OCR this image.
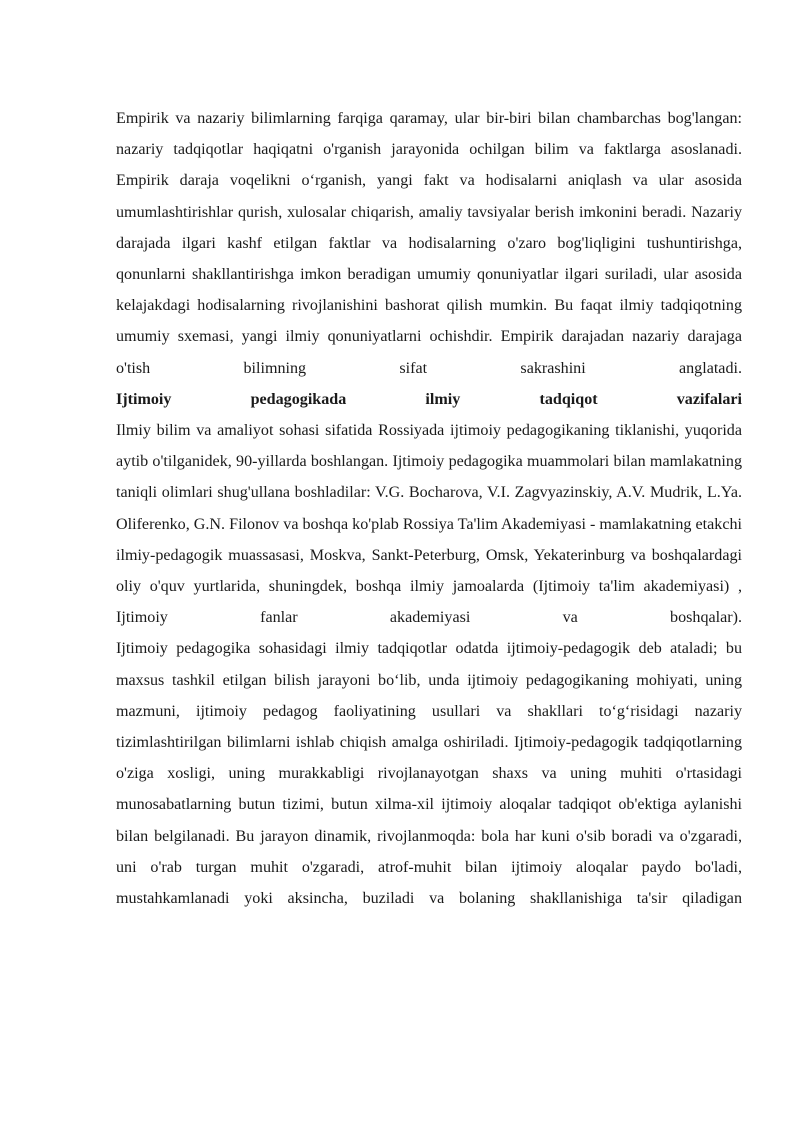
Empirik va nazariy bilimlarning farqiga qaramay, ular bir-biri bilan chambarchas bog'langan: nazariy tadqiqotlar haqiqatni o'rganish jarayonida ochilgan bilim va faktlarga asoslanadi. Empirik daraja voqelikni o‘rganish, yangi fakt va hodisalarni aniqlash va ular asosida umumlashtirishlar qurish, xulosalar chiqarish, amaliy tavsiyalar berish imkonini beradi. Nazariy darajada ilgari kashf etilgan faktlar va hodisalarning o'zaro bog'liqligini tushuntirishga, qonunlarni shakllantirishga imkon beradigan umumiy qonuniyatlar ilgari suriladi, ular asosida kelajakdagi hodisalarning rivojlanishini bashorat qilish mumkin. Bu faqat ilmiy tadqiqotning umumiy sxemasi, yangi ilmiy qonuniyatlarni ochishdir. Empirik darajadan nazariy darajaga o'tish bilimning sifat sakrashini anglatadi.

Ijtimoiy pedagogikada ilmiy tadqiqot vazifalari

Ilmiy bilim va amaliyot sohasi sifatida Rossiyada ijtimoiy pedagogikaning tiklanishi, yuqorida aytib o'tilganidek, 90-yillarda boshlangan. Ijtimoiy pedagogika muammolari bilan mamlakatning taniqli olimlari shug'ullana boshladilar: V.G. Bocharova, V.I. Zagvyazinskiy, A.V. Mudrik, L.Ya. Oliferenko, G.N. Filonov va boshqa ko'plab Rossiya Ta'lim Akademiyasi - mamlakatning etakchi ilmiy-pedagogik muassasasi, Moskva, Sankt-Peterburg, Omsk, Yekaterinburg va boshqalardagi oliy o'quv yurtlarida, shuningdek, boshqa ilmiy jamoalarda (Ijtimoiy ta'lim akademiyasi) , Ijtimoiy fanlar akademiyasi va boshqalar).

Ijtimoiy pedagogika sohasidagi ilmiy tadqiqotlar odatda ijtimoiy-pedagogik deb ataladi; bu maxsus tashkil etilgan bilish jarayoni bo‘lib, unda ijtimoiy pedagogikaning mohiyati, uning mazmuni, ijtimoiy pedagog faoliyatining usullari va shakllari to‘g‘risidagi nazariy tizimlashtirilgan bilimlarni ishlab chiqish amalga oshiriladi. Ijtimoiy-pedagogik tadqiqotlarning o'ziga xosligi, uning murakkabligi rivojlanayotgan shaxs va uning muhiti o'rtasidagi munosabatlarning butun tizimi, butun xilma-xil ijtimoiy aloqalar tadqiqot ob'ektiga aylanishi bilan belgilanadi. Bu jarayon dinamik, rivojlanmoqda: bola har kuni o'sib boradi va o'zgaradi, uni o'rab turgan muhit o'zgaradi, atrof-muhit bilan ijtimoiy aloqalar paydo bo'ladi, mustahkamlanadi yoki aksincha, buziladi va bolaning shakllanishiga ta'sir qiladigan
